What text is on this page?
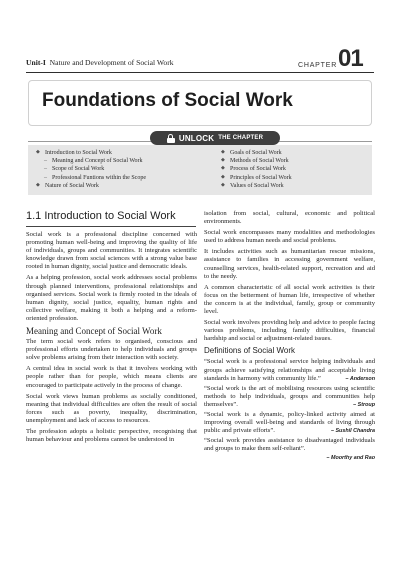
Unit-I Nature and Development of Social Work	CHAPTER 01
Foundations of Social Work
UNLOCK THE CHAPTER
◆ Introduction to Social Work
– Meaning and Concept of Social Work
– Scope of Social Work
– Professional Funtions within the Scope
◆ Nature of Social Work
◆ Goals of Social Work
◆ Methods of Social Work
◆ Process of Social Work
◆ Principles of Social Work
◆ Values of Social Work
1.1 Introduction to Social Work

Social work is a professional discipline concerned with promoting human well-being and improving the quality of life of individuals, groups and communities. It integrates scientific knowledge drawn from social sciences with a strong value base rooted in human dignity, social justice and democratic ideals.

As a helping profession, social work addresses social problems through planned interventions, professional relationships and organised services. Social work is firmly rooted in the ideals of human dignity, social justice, equality, human rights and collective welfare, making it both a helping and a reform-oriented profession.

Meaning and Concept of Social Work

The term social work refers to organised, conscious and professional efforts undertaken to help individuals and groups solve problems arising from their interaction with society.

A central idea in social work is that it involves working with people rather than for people, which means clients are encouraged to participate actively in the process of change.

Social work views human problems as socially conditioned, meaning that individual difficulties are often the result of social forces such as poverty, inequality, discrimination, unemployment and lack of access to resources.

The profession adopts a holistic perspective, recognising that human behaviour and problems cannot be understood in

isolation from social, cultural, economic and political environments.

Social work encompasses many modalities and methodologies used to address human needs and social problems.

It includes activities such as humanitarian rescue missions, assistance to families in accessing government welfare, counselling services, health-related support, recreation and aid to the needy.

A common characteristic of all social work activities is their focus on the betterment of human life, irrespective of whether the concern is at the individual, family, group or community level.

Social work involves providing help and advice to people facing various problems, including family difficulties, financial hardship and social or adjustment-related issues.

Definitions of Social Work

“Social work is a professional service helping individuals and groups achieve satisfying relationships and acceptable living standards in harmony with community life.”	– Anderson

“Social work is the art of mobilising resources using scientific methods to help individuals, groups and communities help themselves”.	– Stroup

“Social work is a dynamic, policy-linked activity aimed at improving overall well-being and standards of living through public and private efforts”.	– Sushil Chandra

“Social work provides assistance to disadvantaged individuals and groups to make them self-reliant”.

– Moorthy and Rao
